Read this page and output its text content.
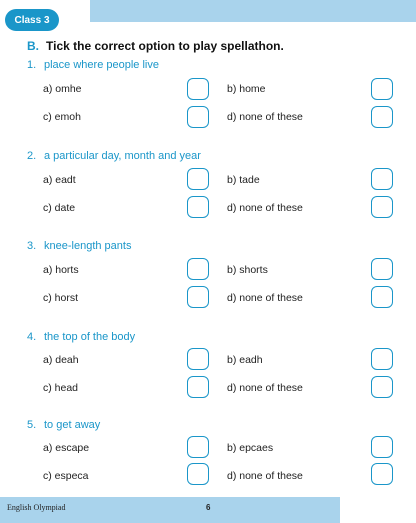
Class 3
B. Tick the correct option to play spellathon.
1. place where people live
a) omhe	b) home
c) emoh	d) none of these
2. a particular day, month and year
a) eadt	b) tade
c) date	d) none of these
3. knee-length pants
a) horts	b) shorts
c) horst	d) none of these
4. the top of the body
a) deah	b) eadh
c) head	d) none of these
5. to get away
a) escape	b) epcaes
c) especa	d) none of these
English Olympiad	6
